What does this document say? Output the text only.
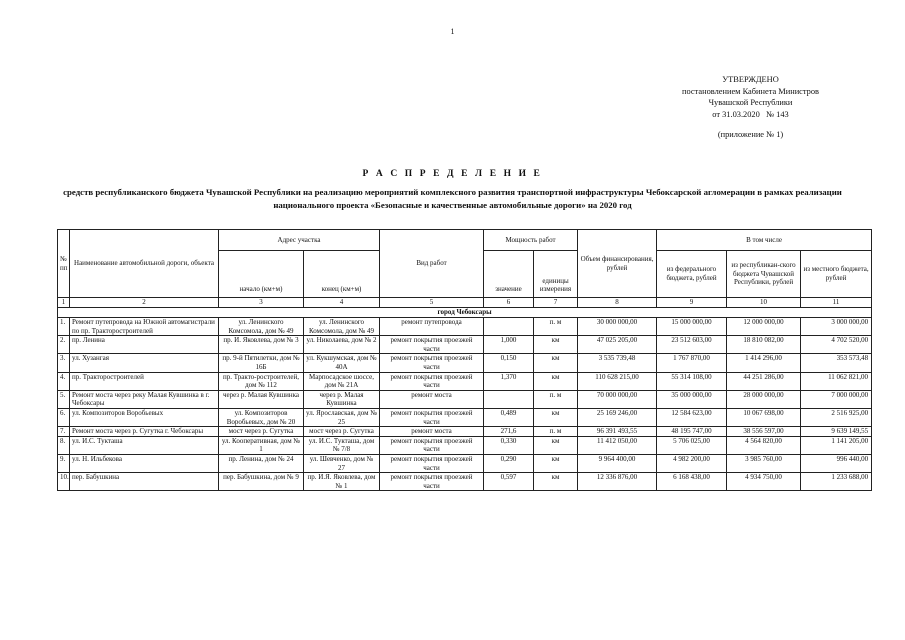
1
УТВЕРЖДЕНО
постановлением Кабинета Министров
Чувашской Республики
от 31.03.2020   № 143
(приложение № 1)
Р А С П Р Е Д Е Л Е Н И Е
средств республиканского бюджета Чувашской Республики на реализацию мероприятий комплексного развития транспортной инфраструктуры Чебоксарской агломерации в рамках реализации национального проекта «Безопасные и качественные автомобильные дороги» на 2020 год
№ пп	Наименование автомобильной дороги, объекта	Адрес участка		Вид работ	Мощность работ		Объем финансирования, рублей	В том числе		
		начало (км+м)	конец (км+м)		значение	единицы измерения		из федерального бюджета, рублей	из республикан-ского бюджета Чувашской Республики, рублей	из местного бюджета, рублей
1	2	3	4	5	6	7	8	9	10	11
город Чебоксары										
1.	Ремонт путепровода на Южной автомагистрали по пр. Тракторостроителей	ул. Ленинского Комсомола, дом № 49	ул. Ленинского Комсомола, дом № 49	ремонт путепровода		п. м	30 000 000,00	15 000 000,00	12 000 000,00	3 000 000,00
2.	пр. Ленина	пр. И. Яковлева, дом № 3	ул. Николаева, дом № 2	ремонт покрытия проезжей части	1,000	км	47 025 205,00	23 512 603,00	18 810 082,00	4 702 520,00
3.	ул. Хузангая	пр. 9-й Пятилетки, дом № 16Б	ул. Кукшумская, дом № 40А	ремонт покрытия проезжей части	0,150	км	3 535 739,48	1 767 870,00	1 414 296,00	353 573,48
4.	пр. Тракторостроителей	пр. Тракто-ростроителей, дом № 112	Марпосадское шоссе, дом № 21А	ремонт покрытия проезжей части	1,370	км	110 628 215,00	55 314 108,00	44 251 286,00	11 062 821,00
5.	Ремонт моста через реку Малая Кувшинка в г. Чебоксары	через р. Малая Кувшинка	через р. Малая Кувшинка	ремонт моста		п. м	70 000 000,00	35 000 000,00	28 000 000,00	7 000 000,00
6.	ул. Композиторов Воробьевых	ул. Композиторов Воробьевых, дом № 20	ул. Ярославская, дом № 25	ремонт покрытия проезжей части	0,489	км	25 169 246,00	12 584 623,00	10 067 698,00	2 516 925,00
7.	Ремонт моста через р. Сугутка г. Чебоксары	мост через р. Сугутка	мост через р. Сугутка	ремонт моста	271,6	п. м	96 391 493,55	48 195 747,00	38 556 597,00	9 639 149,55
8.	ул. И.С. Тукташа	ул. Кооперативная, дом № 1	ул. И.С. Тукташа, дом № 7/8	ремонт покрытия проезжей части	0,330	км	11 412 050,00	5 706 025,00	4 564 820,00	1 141 205,00
9.	ул. Н. Ильбекова	пр. Ленина, дом № 24	ул. Шевченко, дом № 27	ремонт покрытия проезжей части	0,290	км	9 964 400,00	4 982 200,00	3 985 760,00	996 440,00
10.	пер. Бабушкина	пер. Бабушкина, дом № 9	пр. И.Я. Яковлева, дом № 1	ремонт покрытия проезжей части	0,597	км	12 336 876,00	6 168 438,00	4 934 750,00	1 233 688,00
